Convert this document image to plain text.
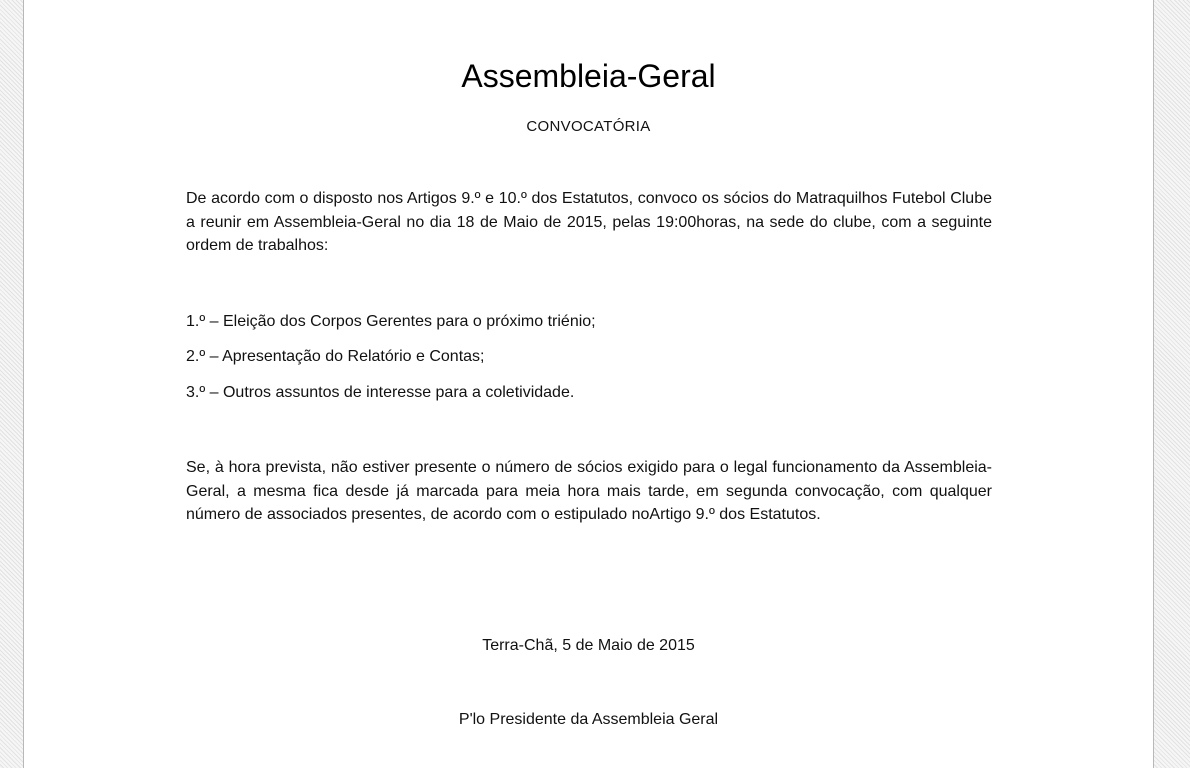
Assembleia-Geral
CONVOCATÓRIA
De acordo com o disposto nos Artigos 9.º e 10.º dos Estatutos, convoco os sócios do Matraquilhos Futebol Clube a reunir em Assembleia-Geral no dia 18 de Maio de 2015, pelas 19:00horas, na sede do clube, com a seguinte ordem de trabalhos:
1.º – Eleição dos Corpos Gerentes para o próximo triénio;
2.º – Apresentação do Relatório e Contas;
3.º – Outros assuntos de interesse para a coletividade.
Se, à hora prevista, não estiver presente o número de sócios exigido para o legal funcionamento da Assembleia-Geral, a mesma fica desde já marcada para meia hora mais tarde, em segunda convocação, com qualquer número de associados presentes, de acordo com o estipulado noArtigo 9.º dos Estatutos.
Terra-Chã, 5 de Maio de 2015
P'lo Presidente da Assembleia Geral
